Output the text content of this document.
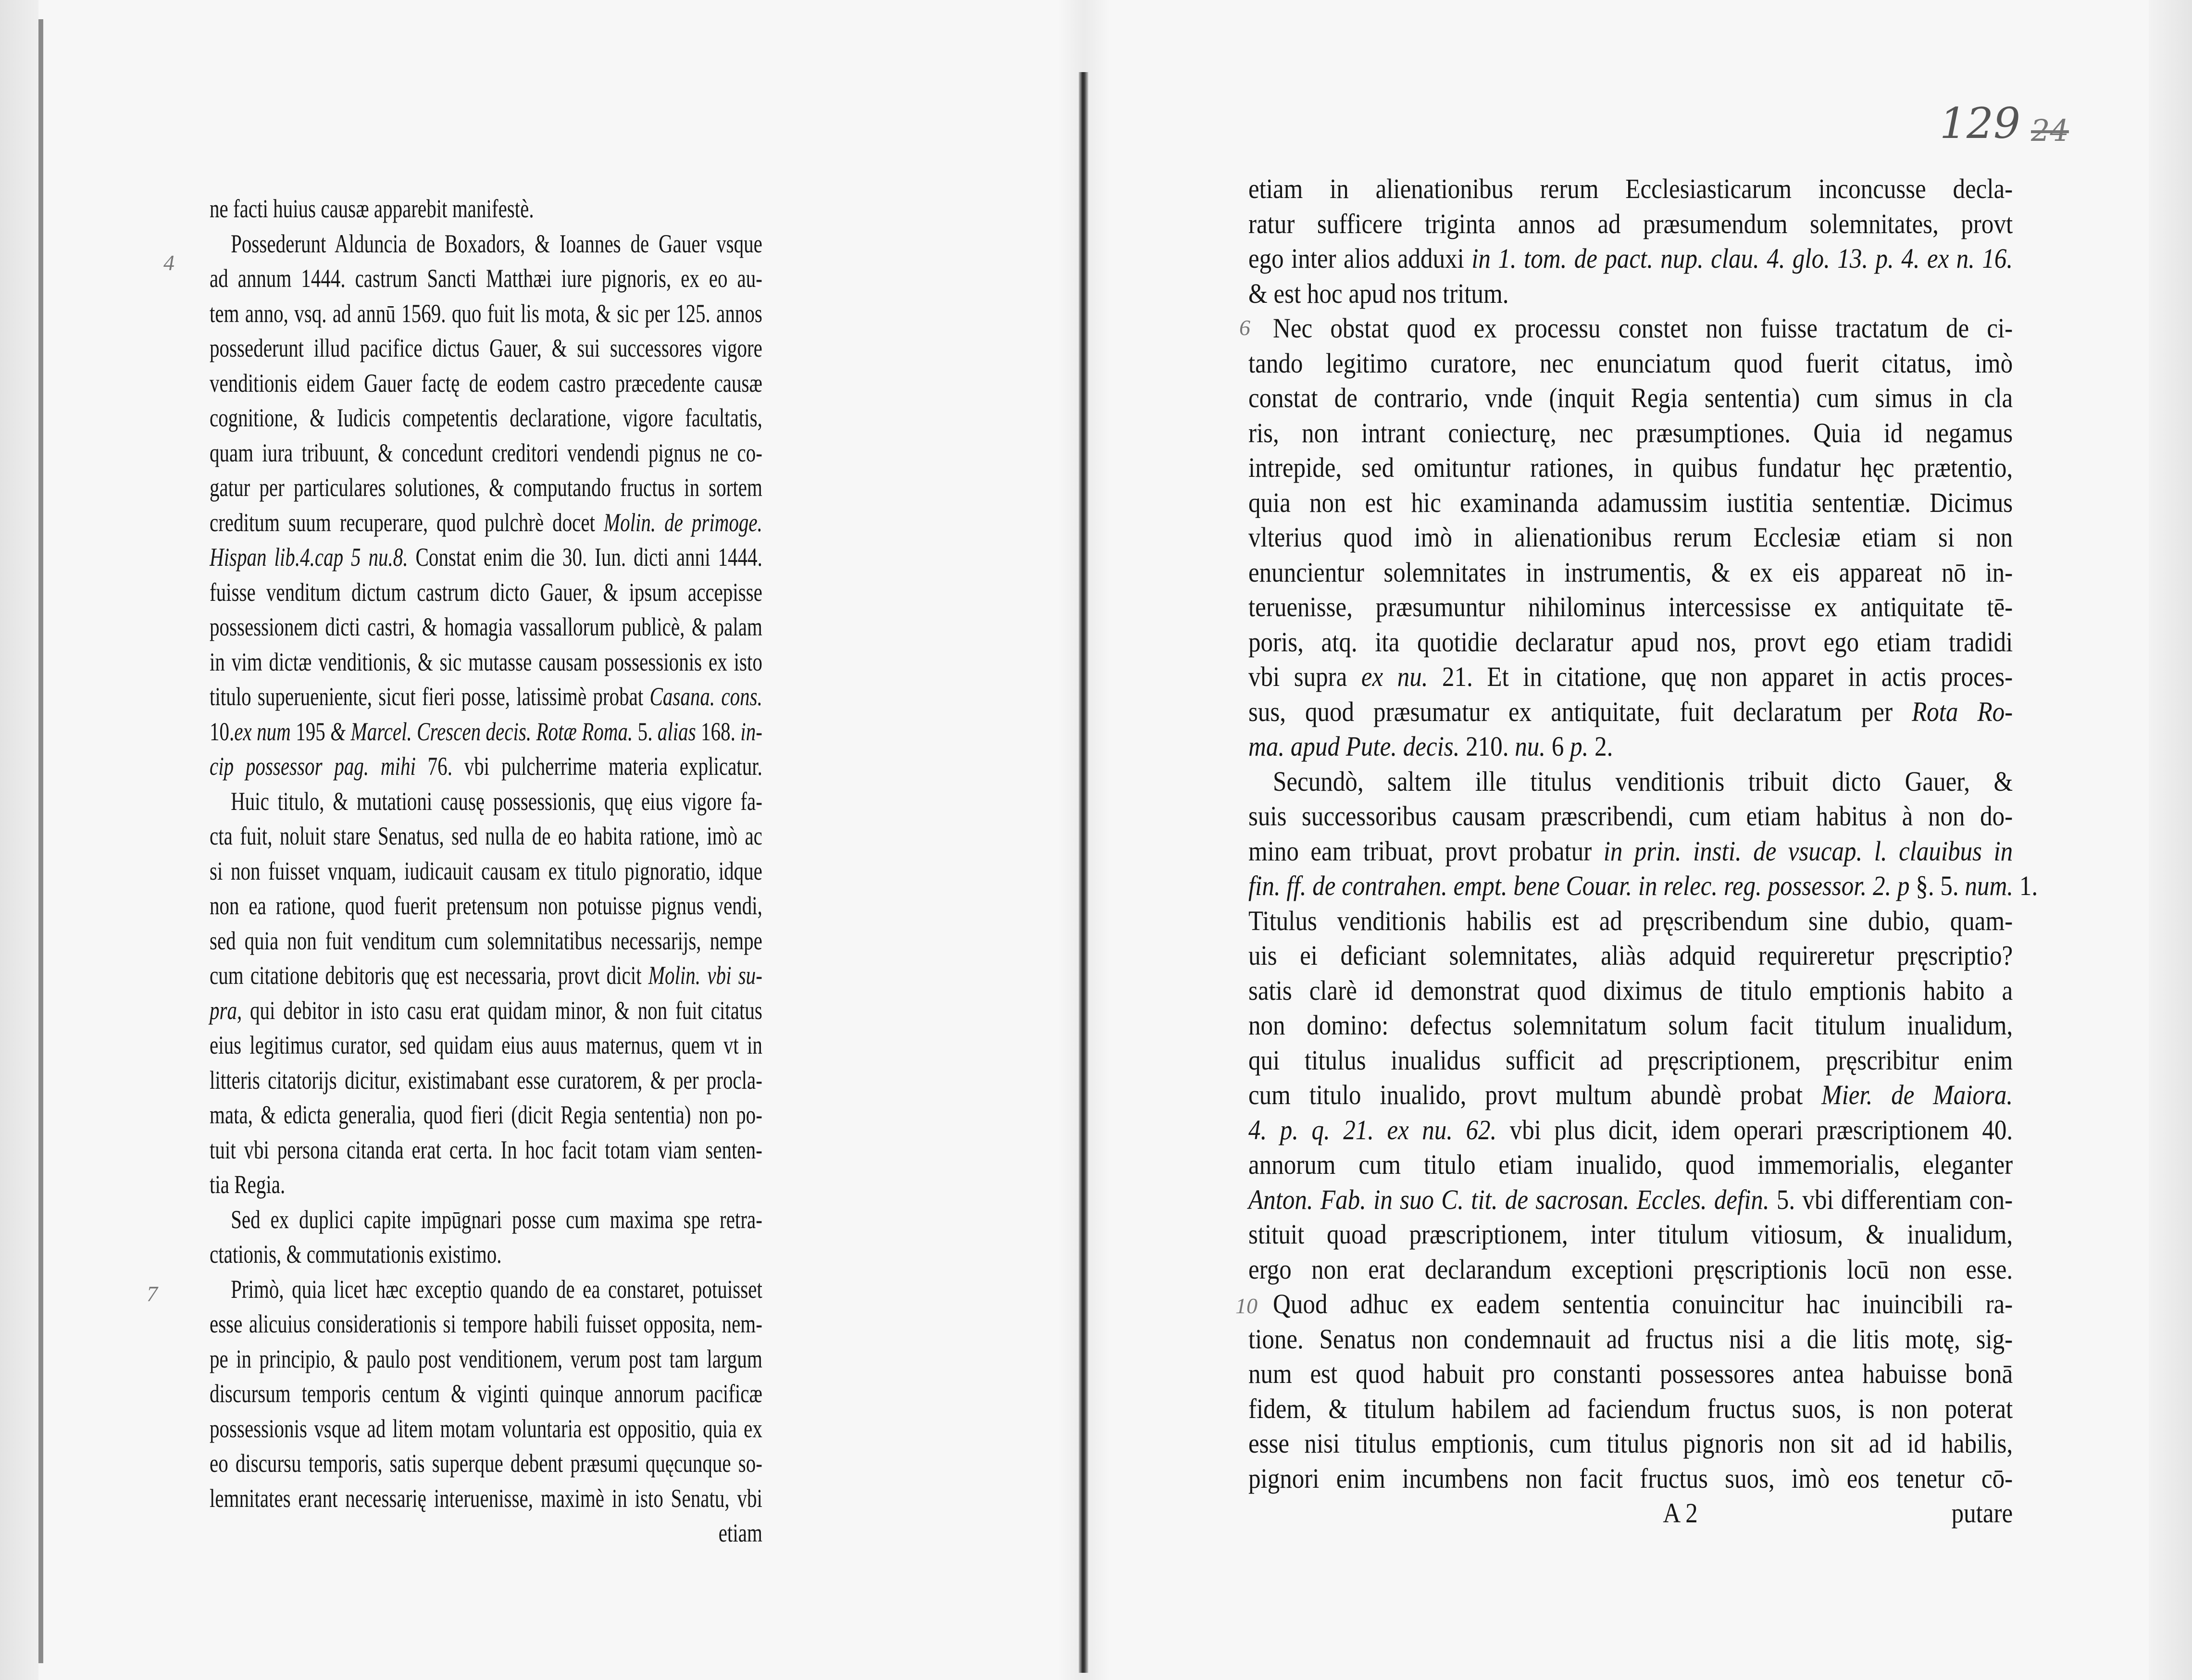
129 24
4
7
6
10
ne facti huius causæ apparebit manifestè.
Possederunt Alduncia de Boxadors, & Ioannes de Gauer vsque
ad annum 1444. castrum Sancti Matthæi iure pignoris, ex eo au-
tem anno, vsq. ad annū 1569. quo fuit lis mota, & sic per 125. annos
possederunt illud pacifice dictus Gauer, & sui successores vigore
venditionis eidem Gauer factę de eodem castro præcedente causæ
cognitione, & Iudicis competentis declaratione, vigore facultatis,
quam iura tribuunt, & concedunt creditori vendendi pignus ne co-
gatur per particulares solutiones, & computando fructus in sortem
creditum suum recuperare, quod pulchrè docet Molin. de primoge.
Hispan lib.4.cap 5 nu.8. Constat enim die 30. Iun. dicti anni 1444.
fuisse venditum dictum castrum dicto Gauer, & ipsum accepisse
possessionem dicti castri, & homagia vassallorum publicè, & palam
in vim dictæ venditionis, & sic mutasse causam possessionis ex isto
titulo superueniente, sicut fieri posse, latissimè probat Casana. cons.
10.ex num 195 & Marcel. Crescen decis. Rotæ Roma. 5. alias 168. in-
cip possessor pag. mihi 76. vbi pulcherrime materia explicatur.
Huic titulo, & mutationi causę possessionis, quę eius vigore fa-
cta fuit, noluit stare Senatus, sed nulla de eo habita ratione, imò ac
si non fuisset vnquam, iudicauit causam ex titulo pignoratio, idque
non ea ratione, quod fuerit pretensum non potuisse pignus vendi,
sed quia non fuit venditum cum solemnitatibus necessarijs, nempe
cum citatione debitoris quę est necessaria, provt dicit Molin. vbi su-
pra, qui debitor in isto casu erat quidam minor, & non fuit citatus
eius legitimus curator, sed quidam eius auus maternus, quem vt in
litteris citatorijs dicitur, existimabant esse curatorem, & per procla-
mata, & edicta generalia, quod fieri (dicit Regia sententia) non po-
tuit vbi persona citanda erat certa. In hoc facit totam viam senten-
tia Regia.
Sed ex duplici capite impūgnari posse cum maxima spe retra-
ctationis, & commutationis existimo.
Primò, quia licet hæc exceptio quando de ea constaret, potuisset
esse alicuius considerationis si tempore habili fuisset opposita, nem-
pe in principio, & paulo post venditionem, verum post tam largum
discursum temporis centum & viginti quinque annorum pacificæ
possessionis vsque ad litem motam voluntaria est oppositio, quia ex
eo discursu temporis, satis superque debent præsumi quęcunque so-
lemnitates erant necessarię interuenisse, maximè in isto Senatu, vbi
etiam
etiam in alienationibus rerum Ecclesiasticarum inconcusse decla-
ratur sufficere triginta annos ad præsumendum solemnitates, provt
ego inter alios adduxi in 1. tom. de pact. nup. clau. 4. glo. 13. p. 4. ex n. 16.
& est hoc apud nos tritum.
Nec obstat quod ex processu constet non fuisse tractatum de ci-
tando legitimo curatore, nec enunciatum quod fuerit citatus, imò
constat de contrario, vnde (inquit Regia sententia) cum simus in cla
ris, non intrant coniecturę, nec præsumptiones. Quia id negamus
intrepide, sed omituntur rationes, in quibus fundatur hęc prætentio,
quia non est hic examinanda adamussim iustitia sententiæ. Dicimus
vlterius quod imò in alienationibus rerum Ecclesiæ etiam si non
enuncientur solemnitates in instrumentis, & ex eis appareat nō in-
teruenisse, præsumuntur nihilominus intercessisse ex antiquitate tē-
poris, atq. ita quotidie declaratur apud nos, provt ego etiam tradidi
vbi supra ex nu. 21. Et in citatione, quę non apparet in actis proces-
sus, quod præsumatur ex antiquitate, fuit declaratum per Rota Ro-
ma. apud Pute. decis. 210. nu. 6 p. 2.
Secundò, saltem ille titulus venditionis tribuit dicto Gauer, &
suis successoribus causam præscribendi, cum etiam habitus à non do-
mino eam tribuat, provt probatur in prin. insti. de vsucap. l. clauibus in
fin. ff. de contrahen. empt. bene Couar. in relec. reg. possessor. 2. p §. 5. num. 1.
Titulus venditionis habilis est ad pręscribendum sine dubio, quam-
uis ei deficiant solemnitates, aliàs adquid requireretur pręscriptio?
satis clarè id demonstrat quod diximus de titulo emptionis habito a
non domino: defectus solemnitatum solum facit titulum inualidum,
qui titulus inualidus sufficit ad pręscriptionem, pręscribitur enim
cum titulo inualido, provt multum abundè probat Mier. de Maiora.
4. p. q. 21. ex nu. 62. vbi plus dicit, idem operari præscriptionem 40.
annorum cum titulo etiam inualido, quod immemorialis, eleganter
Anton. Fab. in suo C. tit. de sacrosan. Eccles. defin. 5. vbi differentiam con-
stituit quoad præscriptionem, inter titulum vitiosum, & inualidum,
ergo non erat declarandum exceptioni pręscriptionis locū non esse.
Quod adhuc ex eadem sententia conuincitur hac inuincibili ra-
tione. Senatus non condemnauit ad fructus nisi a die litis motę, sig-
num est quod habuit pro constanti possessores antea habuisse bonā
fidem, & titulum habilem ad faciendum fructus suos, is non poterat
esse nisi titulus emptionis, cum titulus pignoris non sit ad id habilis,
pignori enim incumbens non facit fructus suos, imò eos tenetur cō-
A 2	putare
